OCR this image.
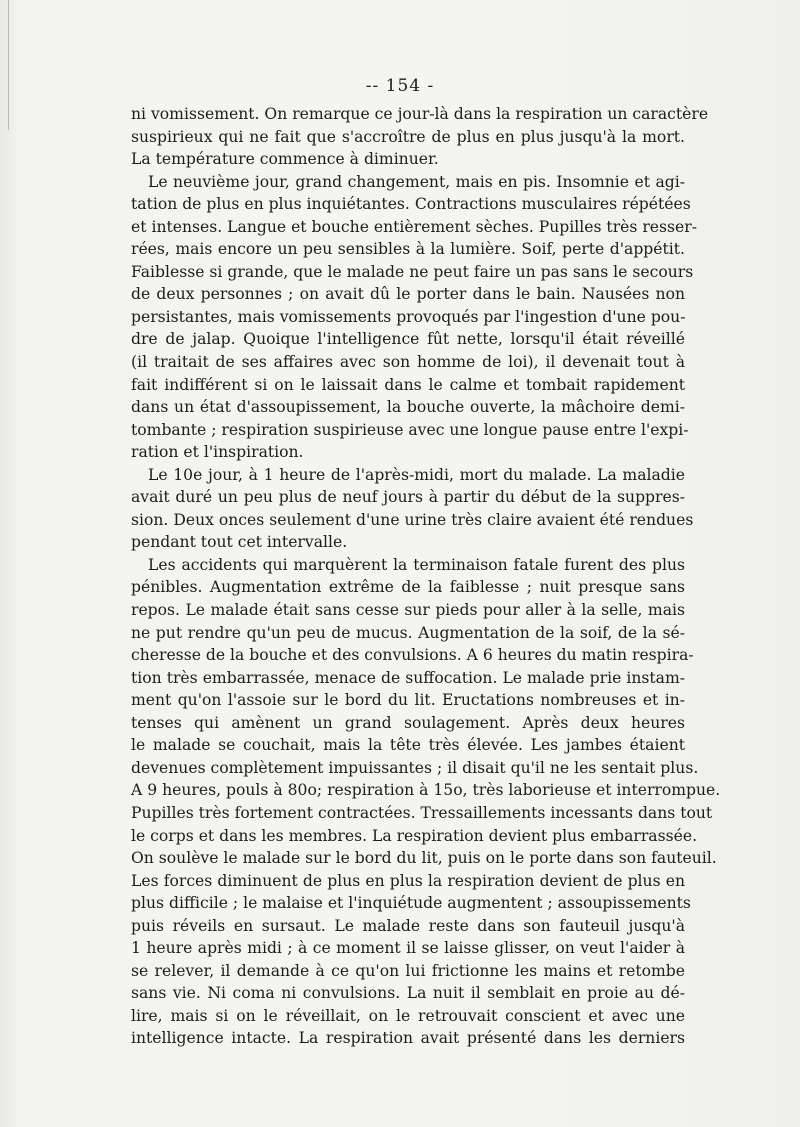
-- 154 -
ni vomissement. On remarque ce jour-là dans la respiration un caractère
suspirieux qui ne fait que s'accroître de plus en plus jusqu'à la mort.
La température commence à diminuer.
Le neuvième jour, grand changement, mais en pis. Insomnie et agi-
tation de plus en plus inquiétantes. Contractions musculaires répétées
et intenses. Langue et bouche entièrement sèches. Pupilles très resser-
rées, mais encore un peu sensibles à la lumière. Soif, perte d'appétit.
Faiblesse si grande, que le malade ne peut faire un pas sans le secours
de deux personnes ; on avait dû le porter dans le bain. Nausées non
persistantes, mais vomissements provoqués par l'ingestion d'une pou-
dre de jalap. Quoique l'intelligence fût nette, lorsqu'il était réveillé
(il traitait de ses affaires avec son homme de loi), il devenait tout à
fait indifférent si on le laissait dans le calme et tombait rapidement
dans un état d'assoupissement, la bouche ouverte, la mâchoire demi-
tombante ; respiration suspirieuse avec une longue pause entre l'expi-
ration et l'inspiration.
Le 10e jour, à 1 heure de l'après-midi, mort du malade. La maladie
avait duré un peu plus de neuf jours à partir du début de la suppres-
sion. Deux onces seulement d'une urine très claire avaient été rendues
pendant tout cet intervalle.
Les accidents qui marquèrent la terminaison fatale furent des plus
pénibles. Augmentation extrême de la faiblesse ; nuit presque sans
repos. Le malade était sans cesse sur pieds pour aller à la selle, mais
ne put rendre qu'un peu de mucus. Augmentation de la soif, de la sé-
cheresse de la bouche et des convulsions. A 6 heures du matin respira-
tion très embarrassée, menace de suffocation. Le malade prie instam-
ment qu'on l'assoie sur le bord du lit. Eructations nombreuses et in-
tenses qui amènent un grand soulagement. Après deux heures
le malade se couchait, mais la tête très élevée. Les jambes étaient
devenues complètement impuissantes ; il disait qu'il ne les sentait plus.
A 9 heures, pouls à 80o; respiration à 15o, très laborieuse et interrompue.
Pupilles très fortement contractées. Tressaillements incessants dans tout
le corps et dans les membres. La respiration devient plus embarrassée.
On soulève le malade sur le bord du lit, puis on le porte dans son fauteuil.
Les forces diminuent de plus en plus la respiration devient de plus en
plus difficile ; le malaise et l'inquiétude augmentent ; assoupissements
puis réveils en sursaut. Le malade reste dans son fauteuil jusqu'à
1 heure après midi ; à ce moment il se laisse glisser, on veut l'aider à
se relever, il demande à ce qu'on lui frictionne les mains et retombe
sans vie. Ni coma ni convulsions. La nuit il semblait en proie au dé-
lire, mais si on le réveillait, on le retrouvait conscient et avec une
intelligence intacte. La respiration avait présenté dans les derniers
